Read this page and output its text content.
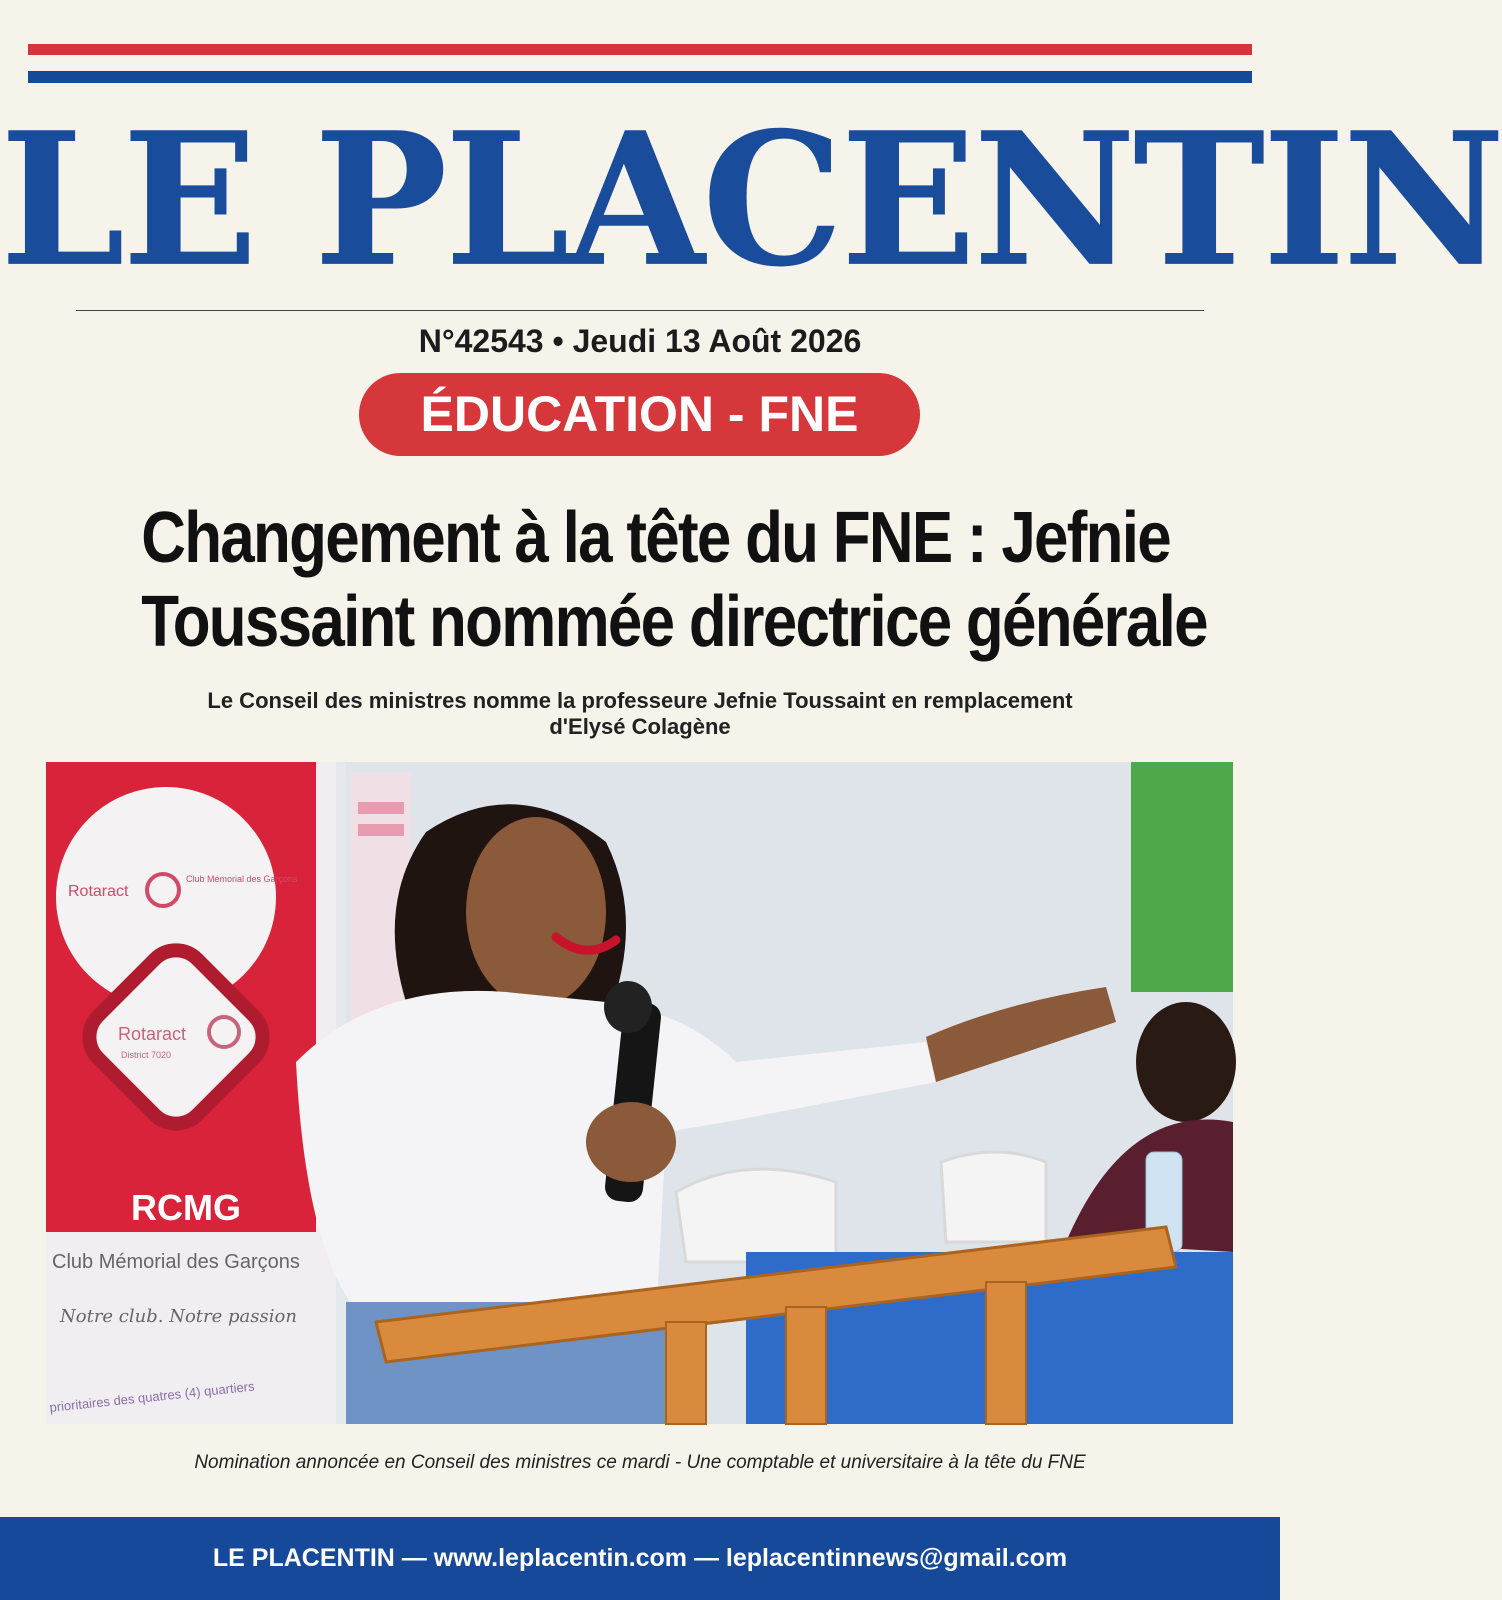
LE PLACENTIN
N°42543 • Jeudi 13 Août 2026
ÉDUCATION - FNE
Changement à la tête du FNE : Jefnie
Toussaint nommée directrice générale
Le Conseil des ministres nomme la professeure Jefnie Toussaint en remplacement
d'Elysé Colagène
Rotaract
Club Mémorial des Garçons
Rotaract
District 7020
RCMG
Club Mémorial des Garçons
Notre club. Notre passion
prioritaires des quatres (4) quartiers
Nomination annoncée en Conseil des ministres ce mardi - Une comptable et universitaire à la tête du FNE
LE PLACENTIN — www.leplacentin.com — leplacentinnews@gmail.com
